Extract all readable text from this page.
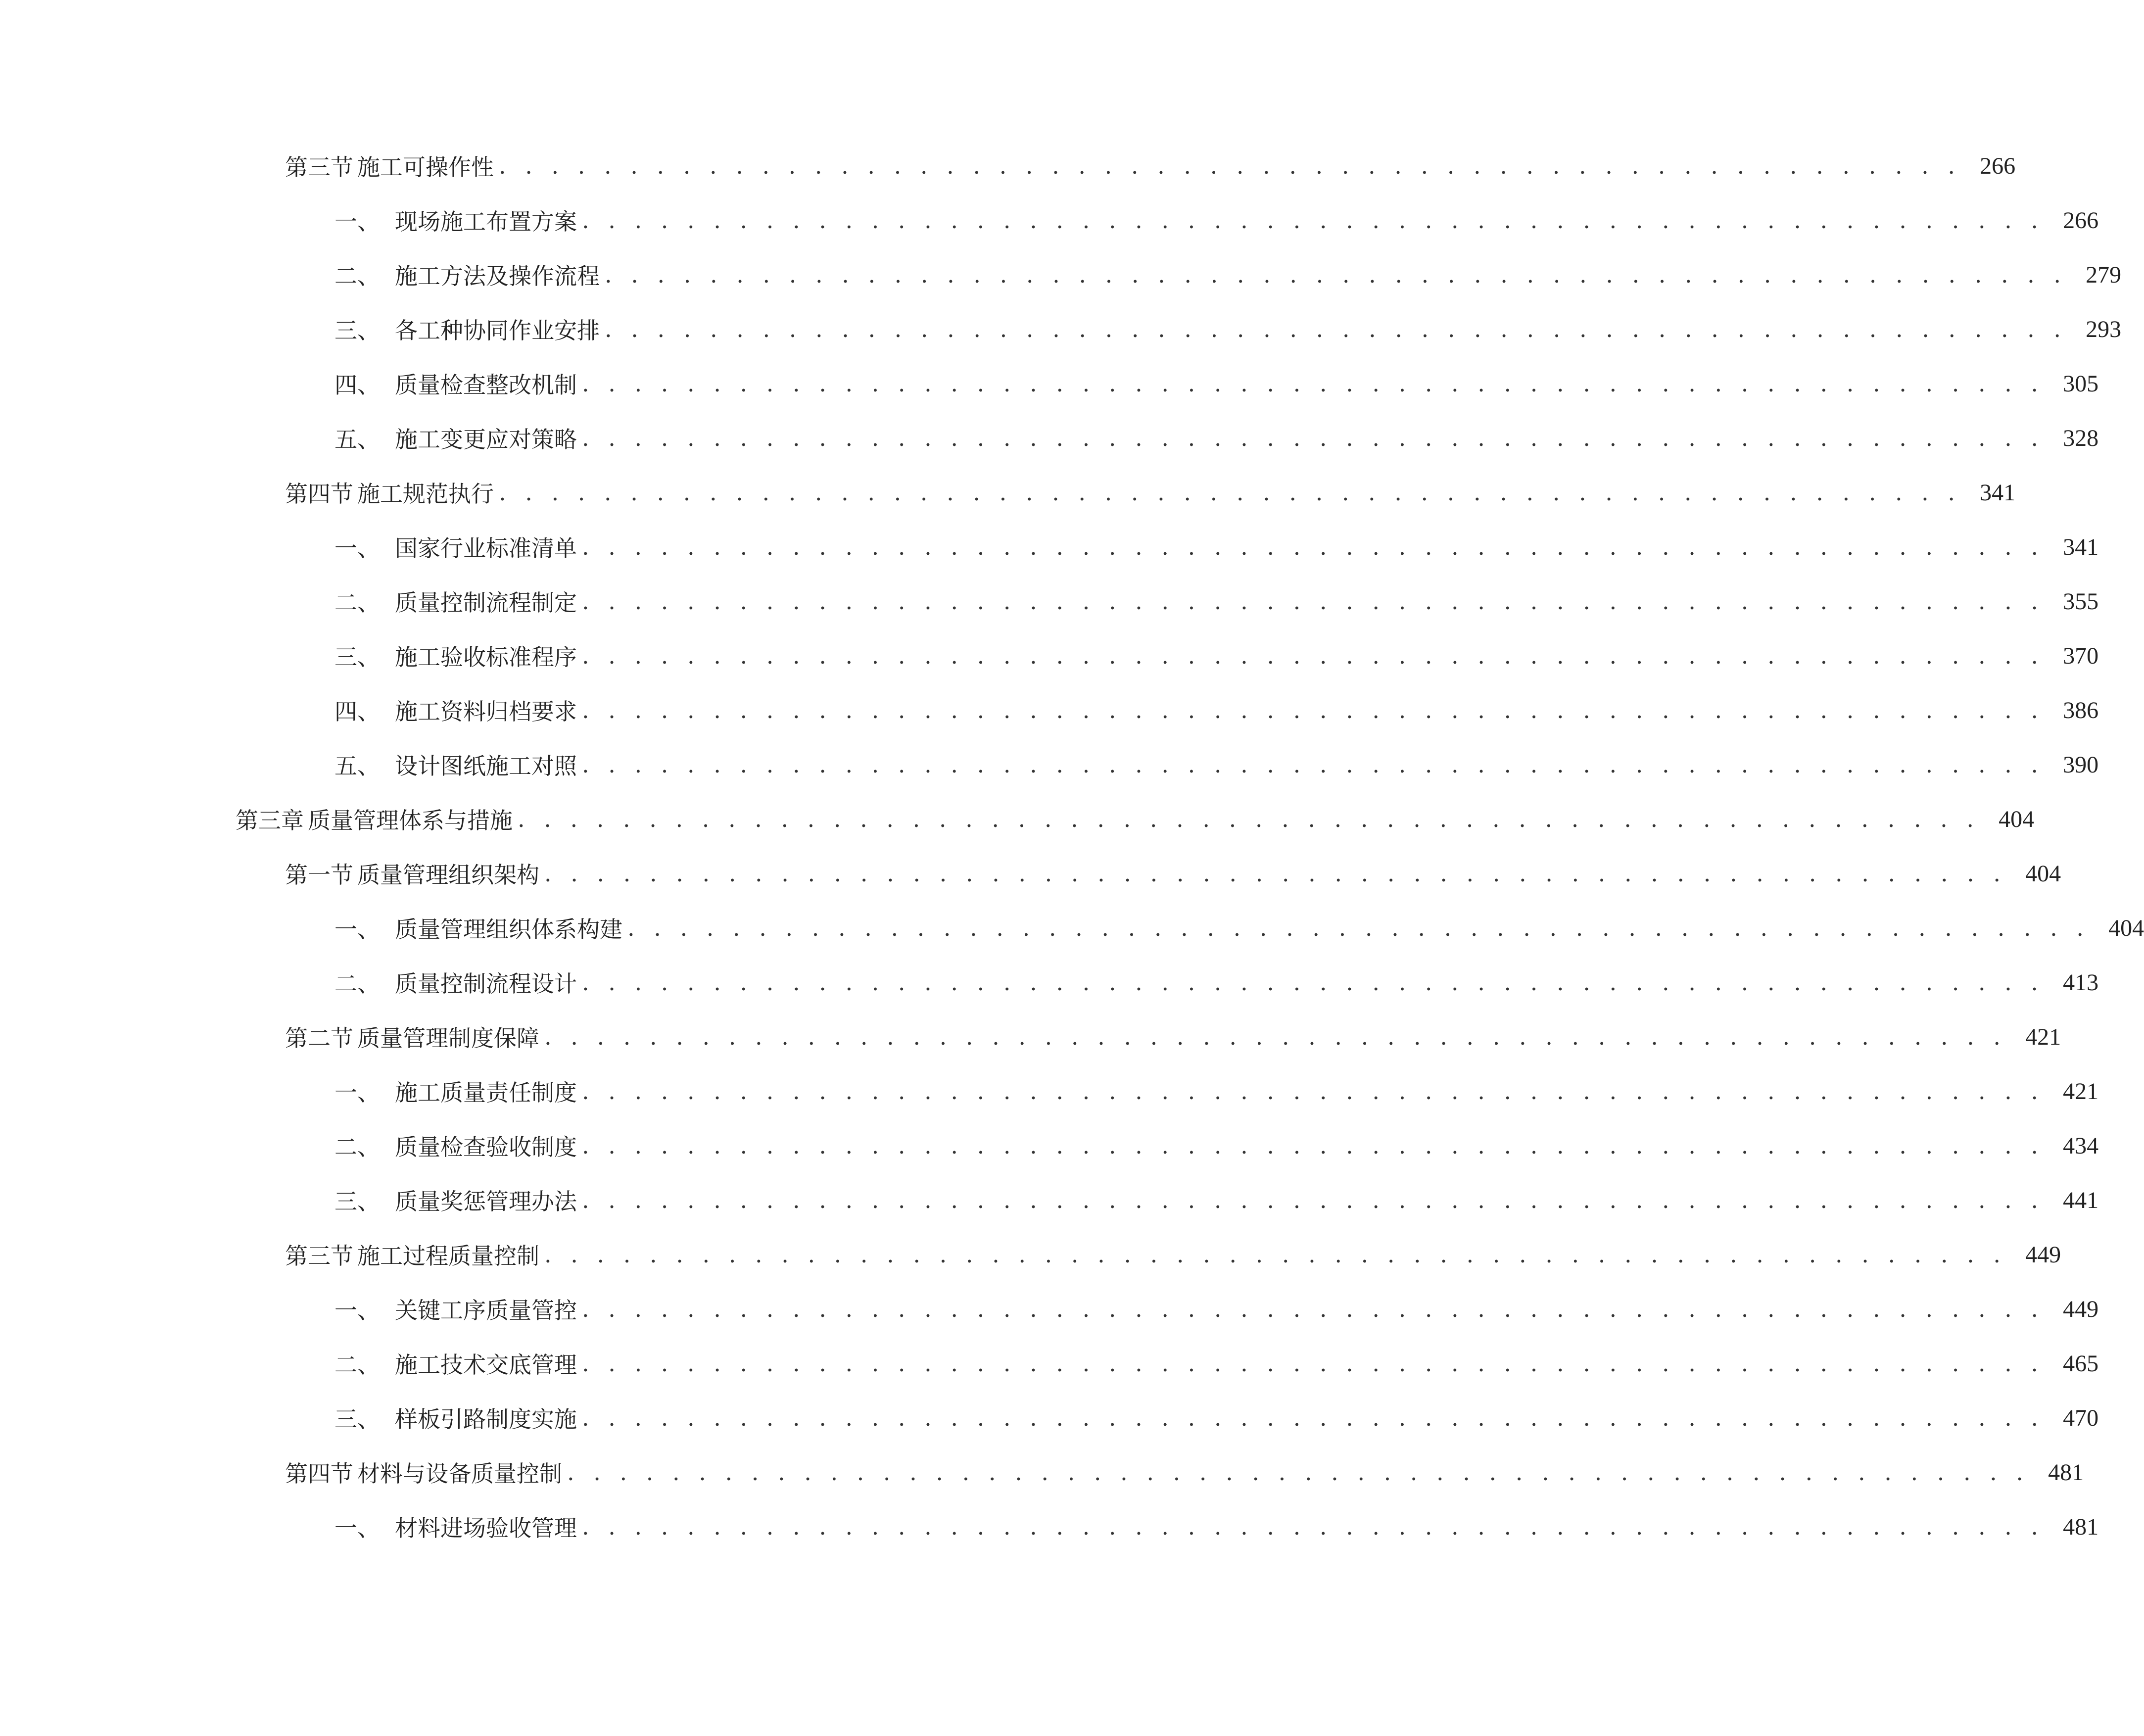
第三节 施工可操作性 . . . . . . . . . . . . . . . . . . . . . . . . . . . . . . . . . . . . . . . . . . . . . . . . . . . . . . . . 266
一、 现场施工布置方案 . . . . . . . . . . . . . . . . . . . . . . . . . . . . . . . . . . . . . . . . . . . . . . . . . . . . . . . . 266
二、 施工方法及操作流程 . . . . . . . . . . . . . . . . . . . . . . . . . . . . . . . . . . . . . . . . . . . . . . . . . . . . . . . . 279
三、 各工种协同作业安排 . . . . . . . . . . . . . . . . . . . . . . . . . . . . . . . . . . . . . . . . . . . . . . . . . . . . . . . . 293
四、 质量检查整改机制 . . . . . . . . . . . . . . . . . . . . . . . . . . . . . . . . . . . . . . . . . . . . . . . . . . . . . . . . 305
五、 施工变更应对策略 . . . . . . . . . . . . . . . . . . . . . . . . . . . . . . . . . . . . . . . . . . . . . . . . . . . . . . . . 328
第四节 施工规范执行 . . . . . . . . . . . . . . . . . . . . . . . . . . . . . . . . . . . . . . . . . . . . . . . . . . . . . . . . 341
一、 国家行业标准清单 . . . . . . . . . . . . . . . . . . . . . . . . . . . . . . . . . . . . . . . . . . . . . . . . . . . . . . . . 341
二、 质量控制流程制定 . . . . . . . . . . . . . . . . . . . . . . . . . . . . . . . . . . . . . . . . . . . . . . . . . . . . . . . . 355
三、 施工验收标准程序 . . . . . . . . . . . . . . . . . . . . . . . . . . . . . . . . . . . . . . . . . . . . . . . . . . . . . . . . 370
四、 施工资料归档要求 . . . . . . . . . . . . . . . . . . . . . . . . . . . . . . . . . . . . . . . . . . . . . . . . . . . . . . . . 386
五、 设计图纸施工对照 . . . . . . . . . . . . . . . . . . . . . . . . . . . . . . . . . . . . . . . . . . . . . . . . . . . . . . . . 390
第三章 质量管理体系与措施 . . . . . . . . . . . . . . . . . . . . . . . . . . . . . . . . . . . . . . . . . . . . . . . . . . . . . . . . 404
第一节 质量管理组织架构 . . . . . . . . . . . . . . . . . . . . . . . . . . . . . . . . . . . . . . . . . . . . . . . . . . . . . . . . 404
一、 质量管理组织体系构建 . . . . . . . . . . . . . . . . . . . . . . . . . . . . . . . . . . . . . . . . . . . . . . . . . . . . . . . . 404
二、 质量控制流程设计 . . . . . . . . . . . . . . . . . . . . . . . . . . . . . . . . . . . . . . . . . . . . . . . . . . . . . . . . 413
第二节 质量管理制度保障 . . . . . . . . . . . . . . . . . . . . . . . . . . . . . . . . . . . . . . . . . . . . . . . . . . . . . . . . 421
一、 施工质量责任制度 . . . . . . . . . . . . . . . . . . . . . . . . . . . . . . . . . . . . . . . . . . . . . . . . . . . . . . . . 421
二、 质量检查验收制度 . . . . . . . . . . . . . . . . . . . . . . . . . . . . . . . . . . . . . . . . . . . . . . . . . . . . . . . . 434
三、 质量奖惩管理办法 . . . . . . . . . . . . . . . . . . . . . . . . . . . . . . . . . . . . . . . . . . . . . . . . . . . . . . . . 441
第三节 施工过程质量控制 . . . . . . . . . . . . . . . . . . . . . . . . . . . . . . . . . . . . . . . . . . . . . . . . . . . . . . . . 449
一、 关键工序质量管控 . . . . . . . . . . . . . . . . . . . . . . . . . . . . . . . . . . . . . . . . . . . . . . . . . . . . . . . . 449
二、 施工技术交底管理 . . . . . . . . . . . . . . . . . . . . . . . . . . . . . . . . . . . . . . . . . . . . . . . . . . . . . . . . 465
三、 样板引路制度实施 . . . . . . . . . . . . . . . . . . . . . . . . . . . . . . . . . . . . . . . . . . . . . . . . . . . . . . . . 470
第四节 材料与设备质量控制 . . . . . . . . . . . . . . . . . . . . . . . . . . . . . . . . . . . . . . . . . . . . . . . . . . . . . . . . 481
一、 材料进场验收管理 . . . . . . . . . . . . . . . . . . . . . . . . . . . . . . . . . . . . . . . . . . . . . . . . . . . . . . . . 481
